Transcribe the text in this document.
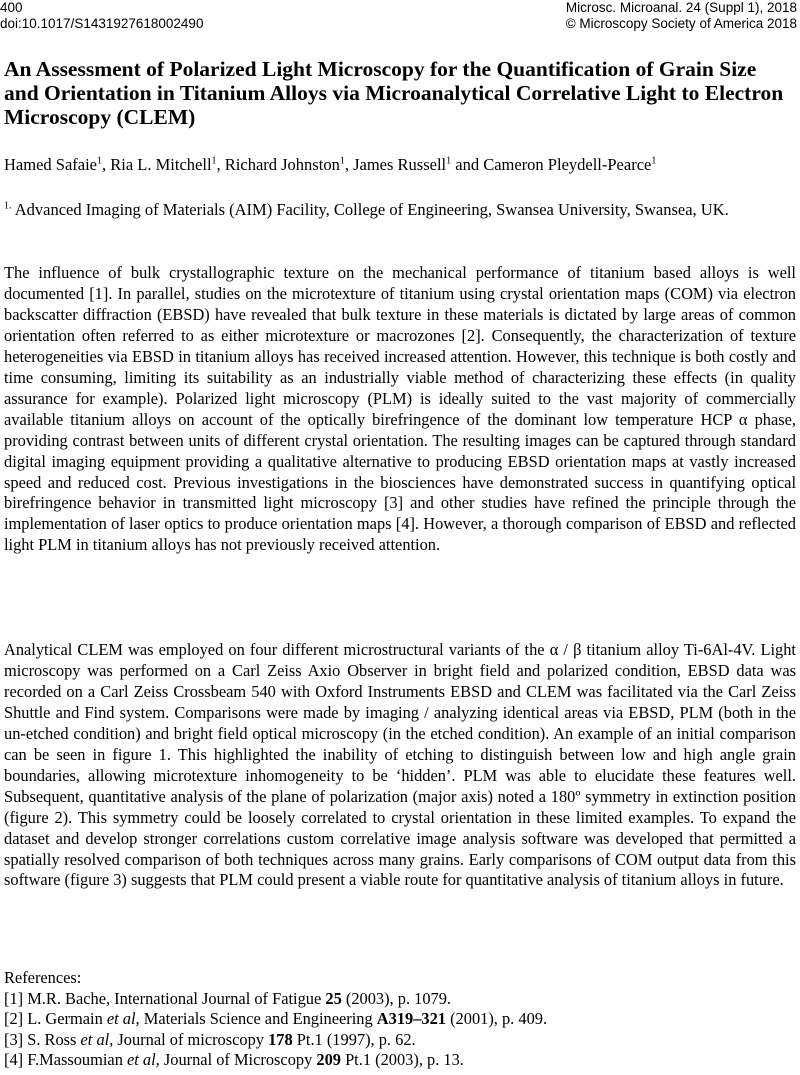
400
doi:10.1017/S1431927618002490
Microsc. Microanal. 24 (Suppl 1), 2018
© Microscopy Society of America 2018
An Assessment of Polarized Light Microscopy for the Quantification of Grain Size and Orientation in Titanium Alloys via Microanalytical Correlative Light to Electron Microscopy (CLEM)
Hamed Safaie$^1$, Ria L. Mitchell$^1$, Richard Johnston$^1$, James Russell$^1$ and Cameron Pleydell-Pearce$^1$
$^{1.}$ Advanced Imaging of Materials (AIM) Facility, College of Engineering, Swansea University, Swansea, UK.
The influence of bulk crystallographic texture on the mechanical performance of titanium based alloys is well documented [1]. In parallel, studies on the microtexture of titanium using crystal orientation maps (COM) via electron backscatter diffraction (EBSD) have revealed that bulk texture in these materials is dictated by large areas of common orientation often referred to as either microtexture or macrozones [2]. Consequently, the characterization of texture heterogeneities via EBSD in titanium alloys has received increased attention. However, this technique is both costly and time consuming, limiting its suitability as an industrially viable method of characterizing these effects (in quality assurance for example). Polarized light microscopy (PLM) is ideally suited to the vast majority of commercially available titanium alloys on account of the optically birefringence of the dominant low temperature HCP α phase, providing contrast between units of different crystal orientation. The resulting images can be captured through standard digital imaging equipment providing a qualitative alternative to producing EBSD orientation maps at vastly increased speed and reduced cost. Previous investigations in the biosciences have demonstrated success in quantifying optical birefringence behavior in transmitted light microscopy [3] and other studies have refined the principle through the implementation of laser optics to produce orientation maps [4]. However, a thorough comparison of EBSD and reflected light PLM in titanium alloys has not previously received attention.
Analytical CLEM was employed on four different microstructural variants of the α / β titanium alloy Ti-6Al-4V. Light microscopy was performed on a Carl Zeiss Axio Observer in bright field and polarized condition, EBSD data was recorded on a Carl Zeiss Crossbeam 540 with Oxford Instruments EBSD and CLEM was facilitated via the Carl Zeiss Shuttle and Find system. Comparisons were made by imaging / analyzing identical areas via EBSD, PLM (both in the un-etched condition) and bright field optical microscopy (in the etched condition). An example of an initial comparison can be seen in figure 1. This highlighted the inability of etching to distinguish between low and high angle grain boundaries, allowing microtexture inhomogeneity to be ‘hidden’. PLM was able to elucidate these features well. Subsequent, quantitative analysis of the plane of polarization (major axis) noted a 180º symmetry in extinction position (figure 2). This symmetry could be loosely correlated to crystal orientation in these limited examples. To expand the dataset and develop stronger correlations custom correlative image analysis software was developed that permitted a spatially resolved comparison of both techniques across many grains. Early comparisons of COM output data from this software (figure 3) suggests that PLM could present a viable route for quantitative analysis of titanium alloys in future.
References:
[1] M.R. Bache, International Journal of Fatigue 25 (2003), p. 1079.
[2] L. Germain et al, Materials Science and Engineering A319–321 (2001), p. 409.
[3] S. Ross et al, Journal of microscopy 178 Pt.1 (1997), p. 62.
[4] F.Massoumian et al, Journal of Microscopy 209 Pt.1 (2003), p. 13.
